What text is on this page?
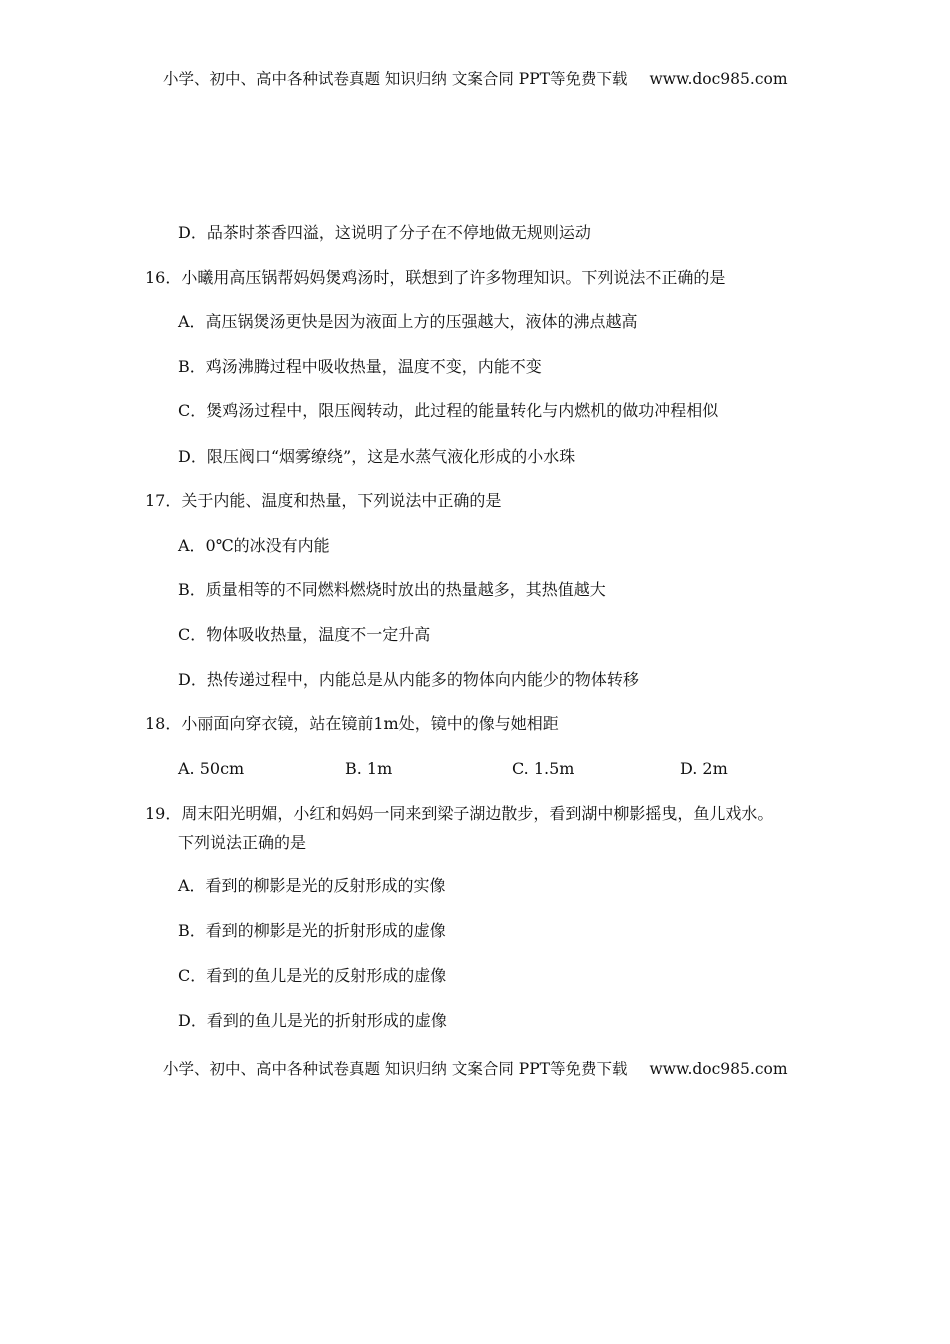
小学、初中、高中各种试卷真题 知识归纳 文案合同 PPT等免费下载 www.doc985.com
D．品茶时茶香四溢，这说明了分子在不停地做无规则运动
16．小曦用高压锅帮妈妈煲鸡汤时，联想到了许多物理知识。下列说法不正确的是
A．高压锅煲汤更快是因为液面上方的压强越大，液体的沸点越高
B．鸡汤沸腾过程中吸收热量，温度不变，内能不变
C．煲鸡汤过程中，限压阀转动，此过程的能量转化与内燃机的做功冲程相似
D．限压阀口“烟雾缭绕”，这是水蒸气液化形成的小水珠
17．关于内能、温度和热量，下列说法中正确的是
A．0℃的冰没有内能
B．质量相等的不同燃料燃烧时放出的热量越多，其热值越大
C．物体吸收热量，温度不一定升高
D．热传递过程中，内能总是从内能多的物体向内能少的物体转移
18．小丽面向穿衣镜，站在镜前1m处，镜中的像与她相距
A. 50cm	B. 1m	C. 1.5m	D. 2m
19．周末阳光明媚，小红和妈妈一同来到梁子湖边散步，看到湖中柳影摇曳，鱼儿戏水。
下列说法正确的是
A．看到的柳影是光的反射形成的实像
B．看到的柳影是光的折射形成的虚像
C．看到的鱼儿是光的反射形成的虚像
D．看到的鱼儿是光的折射形成的虚像
小学、初中、高中各种试卷真题 知识归纳 文案合同 PPT等免费下载 www.doc985.com
